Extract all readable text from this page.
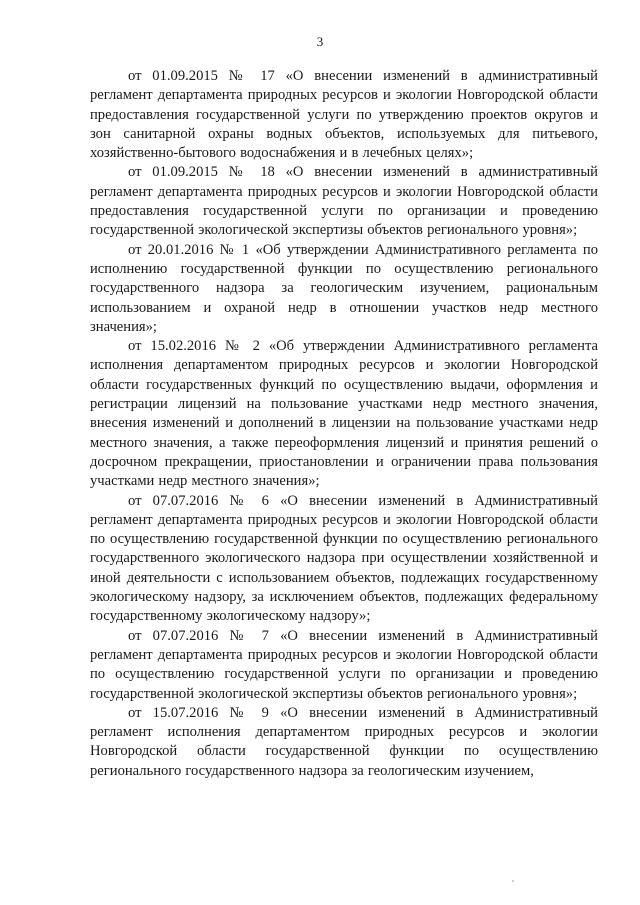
3

от 01.09.2015 № 17 «О внесении изменений в административный регламент департамента природных ресурсов и экологии Новгородской области предоставления государственной услуги по утверждению проектов округов и зон санитарной охраны водных объектов, используемых для питьевого, хозяйственно-бытового водоснабжения и в лечебных целях»;

от 01.09.2015 № 18 «О внесении изменений в административный регламент департамента природных ресурсов и экологии Новгородской области предоставления государственной услуги по организации и проведению государственной экологической экспертизы объектов регионального уровня»;

от 20.01.2016 № 1 «Об утверждении Административного регламента по исполнению государственной функции по осуществлению регионального государственного надзора за геологическим изучением, рациональным использованием и охраной недр в отношении участков недр местного значения»;

от 15.02.2016 № 2 «Об утверждении Административного регламента исполнения департаментом природных ресурсов и экологии Новгородской области государственных функций по осуществлению выдачи, оформления и регистрации лицензий на пользование участками недр местного значения, внесения изменений и дополнений в лицензии на пользование участками недр местного значения, а также переоформления лицензий и принятия решений о досрочном прекращении, приостановлении и ограничении права пользования участками недр местного значения»;

от 07.07.2016 № 6 «О внесении изменений в Административный регламент департамента природных ресурсов и экологии Новгородской области по осуществлению государственной функции по осуществлению регионального государственного экологического надзора при осуществлении хозяйственной и иной деятельности с использованием объектов, подлежащих государственному экологическому надзору, за исключением объектов, подлежащих федеральному государственному экологическому надзору»;

от 07.07.2016 № 7 «О внесении изменений в Административный регламент департамента природных ресурсов и экологии Новгородской области по осуществлению государственной услуги по организации и проведению государственной экологической экспертизы объектов регионального уровня»;

от 15.07.2016 № 9 «О внесении изменений в Административный регламент исполнения департаментом природных ресурсов и экологии Новгородской области государственной функции по осуществлению регионального государственного надзора за геологическим изучением,
